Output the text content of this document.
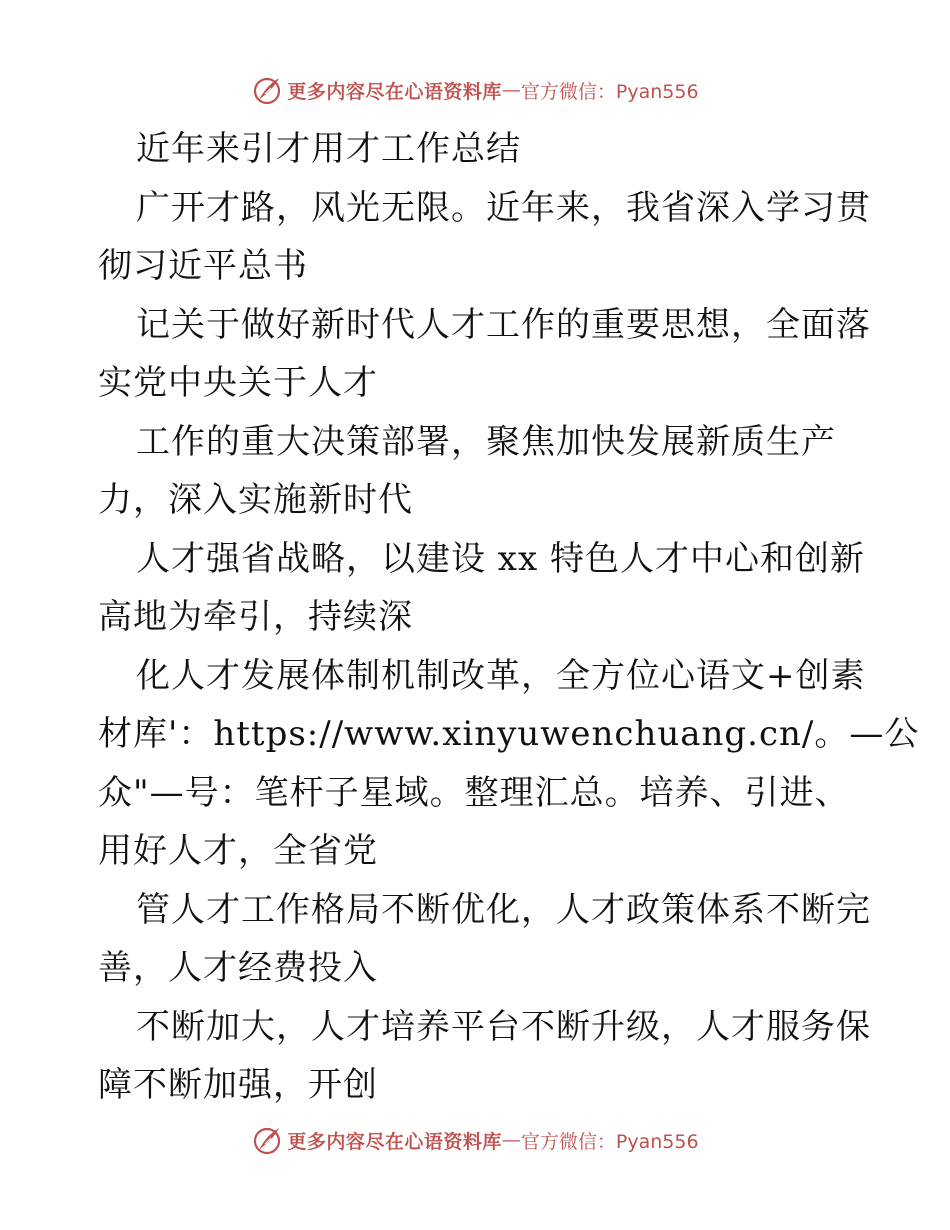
更多内容尽在心语资料库 — 官方微信：Pyan556
近年来引才用才工作总结
广开才路，风光无限。近年来，我省深入学习贯
彻习近平总书
记关于做好新时代人才工作的重要思想，全面落
实党中央关于人才
工作的重大决策部署，聚焦加快发展新质生产
力，深入实施新时代
人才强省战略，以建设 xx 特色人才中心和创新
高地为牵引，持续深
化人才发展体制机制改革，全方位心语文+创素
材库'：https://www.xinyuwenchuang.cn/。—公
众"—号：笔杆子星域。整理汇总。培养、引进、
用好人才，全省党
管人才工作格局不断优化，人才政策体系不断完
善，人才经费投入
不断加大，人才培养平台不断升级，人才服务保
障不断加强，开创
更多内容尽在心语资料库 — 官方微信：Pyan556
